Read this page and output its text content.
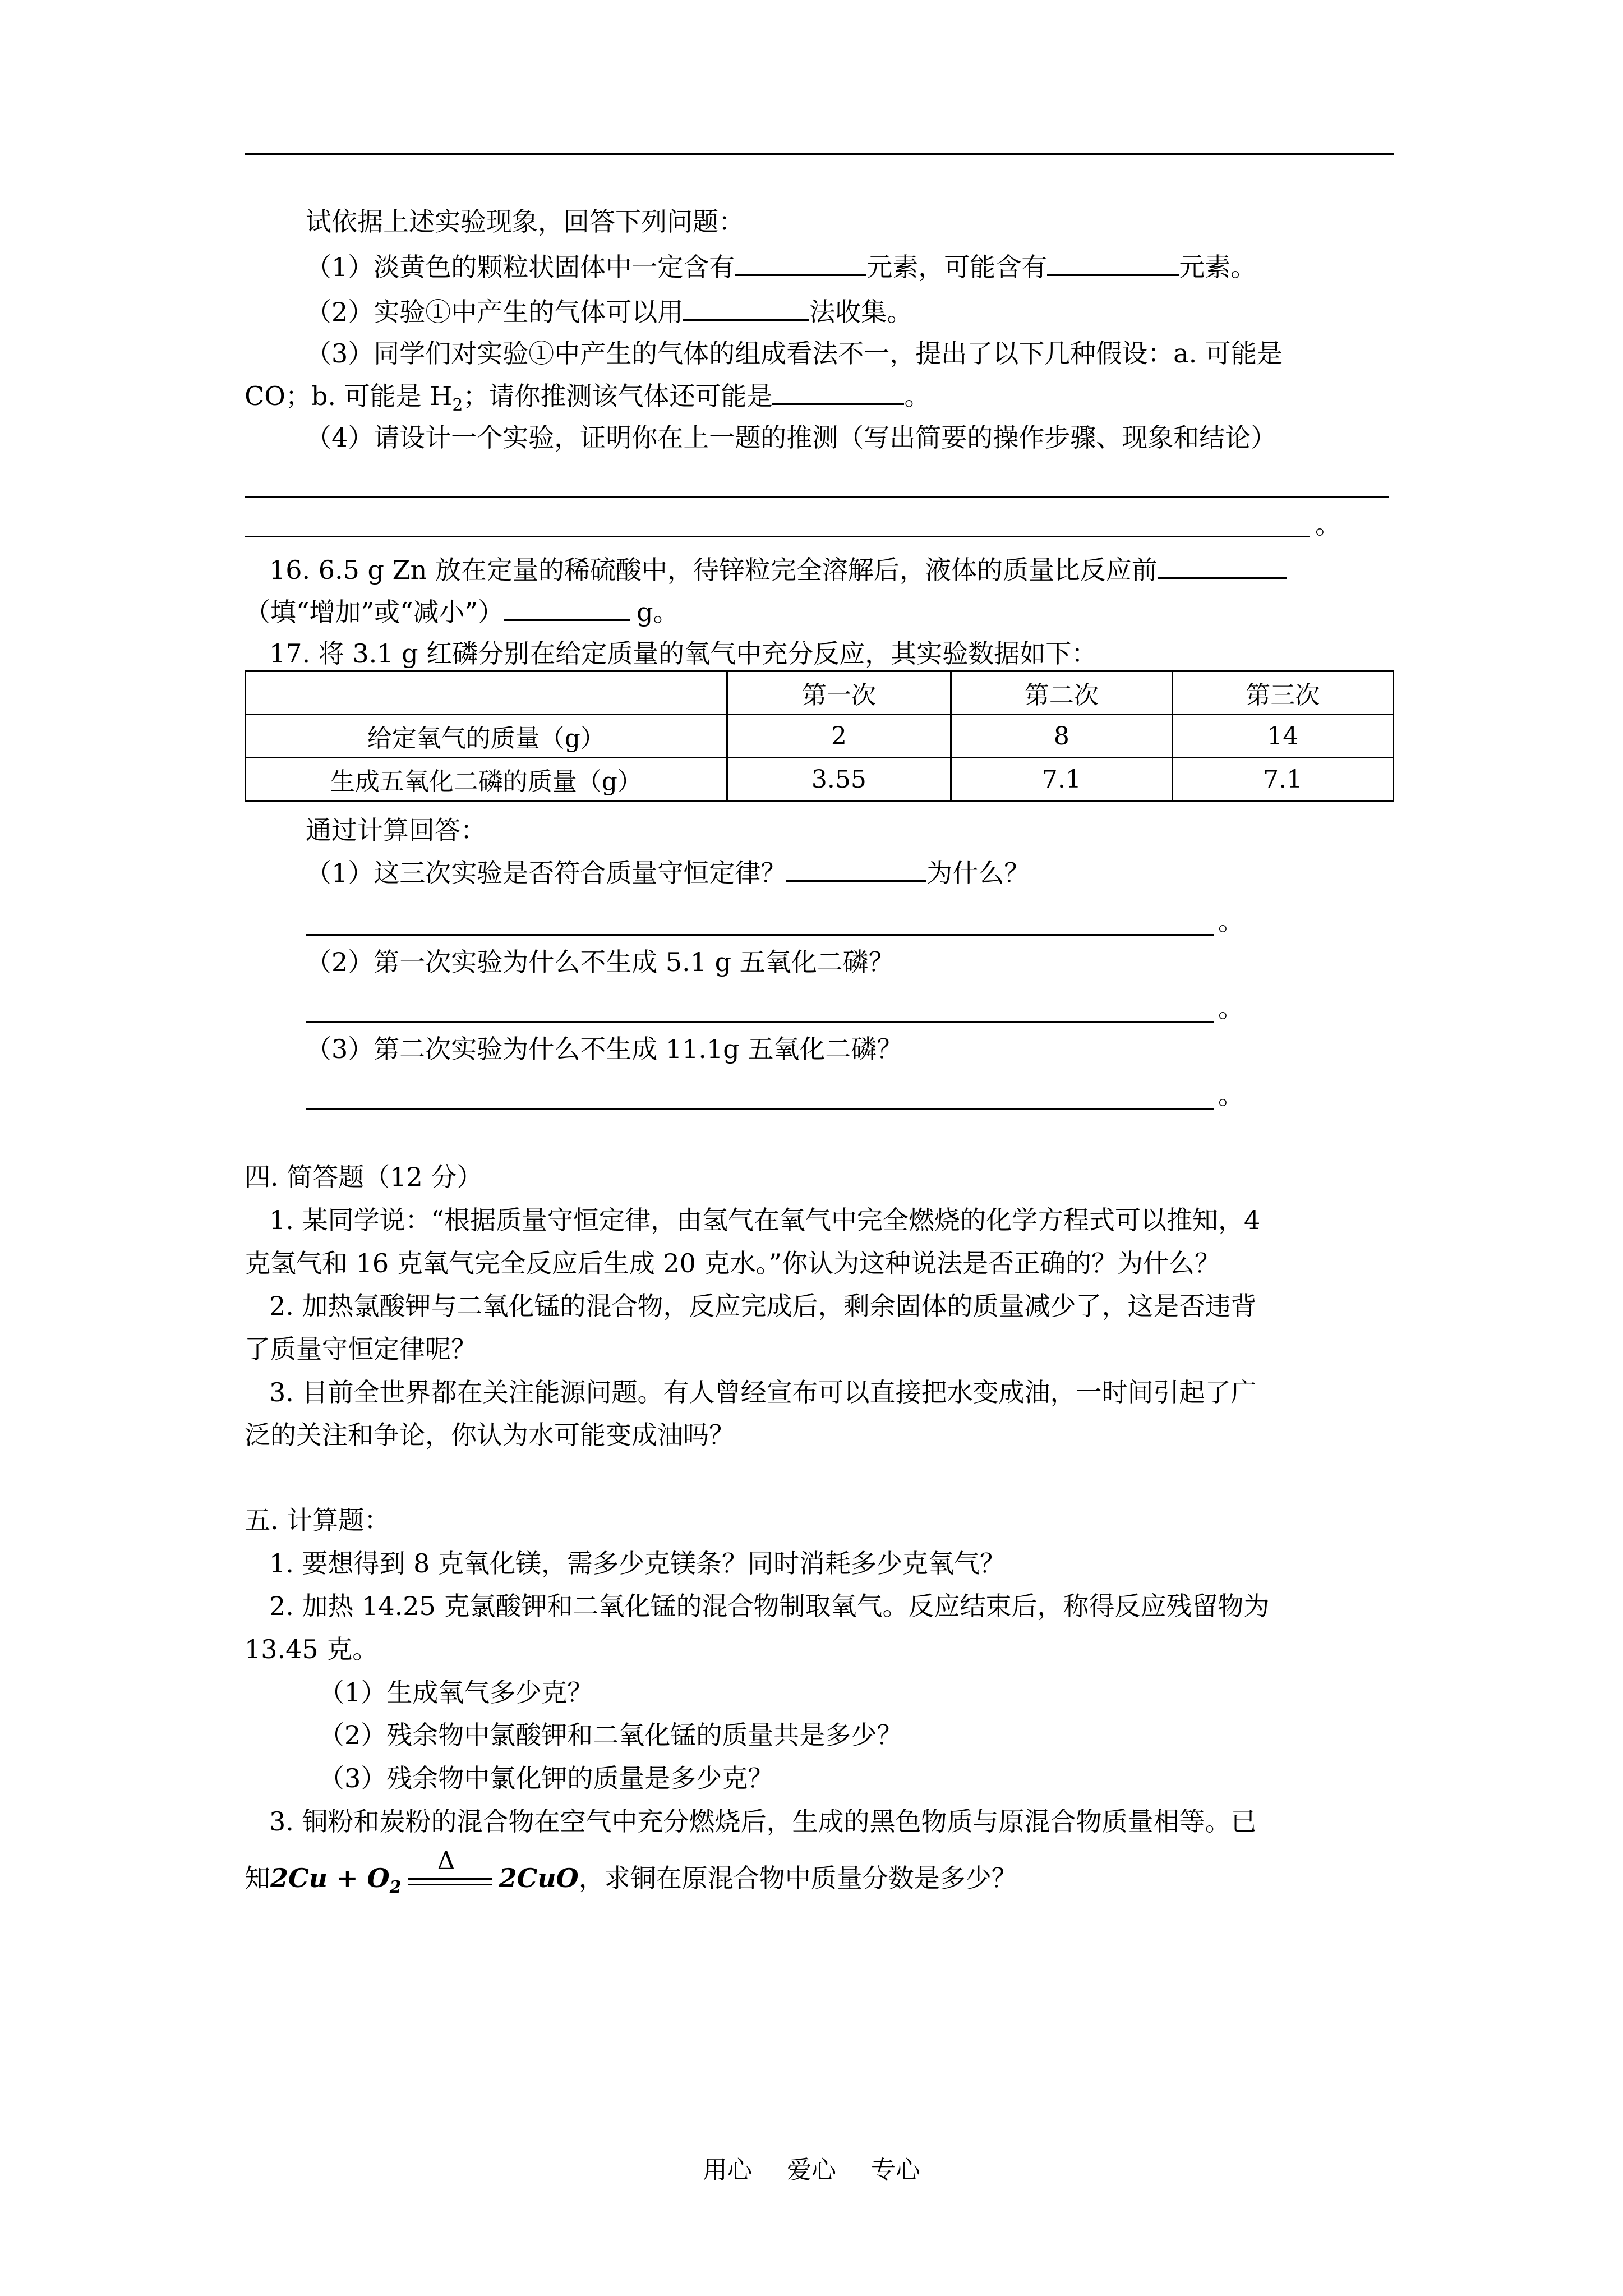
试依据上述实验现象，回答下列问题：
（1）淡黄色的颗粒状固体中一定含有	元素，可能含有	元素。
（2）实验①中产生的气体可以用	法收集。
（3）同学们对实验①中产生的气体的组成看法不一，提出了以下几种假设：a. 可能是
CO；b. 可能是 $H_2$；请你推测该气体还可能是	。
（4）请设计一个实验，证明你在上一题的推测（写出简要的操作步骤、现象和结论）
。
16. 6.5 g Zn 放在定量的稀硫酸中，待锌粒完全溶解后，液体的质量比反应前
（填“增加”或“减小”）	g。
17. 将 3.1 g 红磷分别在给定质量的氧气中充分反应，其实验数据如下：
	第一次	第二次	第三次
给定氧气的质量（g）	2	8	14
生成五氧化二磷的质量（g）	3.55	7.1	7.1
通过计算回答：
（1）这三次实验是否符合质量守恒定律？	为什么？
。
（2）第一次实验为什么不生成 5.1 g 五氧化二磷？
。
（3）第二次实验为什么不生成 11.1g 五氧化二磷？
。
四. 简答题（12 分）
1. 某同学说：“根据质量守恒定律，由氢气在氧气中完全燃烧的化学方程式可以推知，4
克氢气和 16 克氧气完全反应后生成 20 克水。”你认为这种说法是否正确的？为什么？
2. 加热氯酸钾与二氧化锰的混合物，反应完成后，剩余固体的质量减少了，这是否违背
了质量守恒定律呢？
3. 目前全世界都在关注能源问题。有人曾经宣布可以直接把水变成油，一时间引起了广
泛的关注和争论，你认为水可能变成油吗？
五. 计算题：
1. 要想得到 8 克氧化镁，需多少克镁条？同时消耗多少克氧气？
2. 加热 14.25 克氯酸钾和二氧化锰的混合物制取氧气。反应结束后，称得反应残留物为
13.45 克。
（1）生成氧气多少克？
（2）残余物中氯酸钾和二氧化锰的质量共是多少？
（3）残余物中氯化钾的质量是多少克？
3. 铜粉和炭粉的混合物在空气中充分燃烧后，生成的黑色物质与原混合物质量相等。已
知$2Cu + O_2$
Δ
2CuO，求铜在原混合物中质量分数是多少？
用心 爱心 专心
